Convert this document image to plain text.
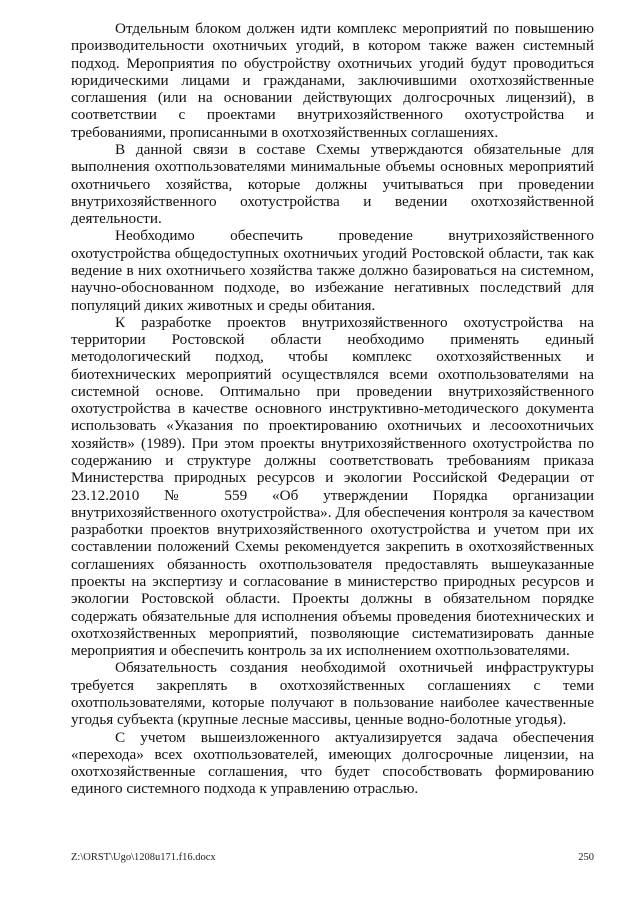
Отдельным блоком должен идти комплекс мероприятий по повышению производительности охотничьих угодий, в котором также важен системный подход. Мероприятия по обустройству охотничьих угодий будут проводиться юридическими лицами и гражданами, заключившими охотхозяйственные соглашения (или на основании действующих долгосрочных лицензий), в соответствии с проектами внутрихозяйственного охотустройства и требованиями, прописанными в охотхозяйственных соглашениях.

В данной связи в составе Схемы утверждаются обязательные для выполнения охотпользователями минимальные объемы основных мероприятий охотничьего хозяйства, которые должны учитываться при проведении внутрихозяйственного охотустройства и ведении охотхозяйственной деятельности.

Необходимо обеспечить проведение внутрихозяйственного охотустройства общедоступных охотничьих угодий Ростовской области, так как ведение в них охотничьего хозяйства также должно базироваться на системном, научно-обоснованном подходе, во избежание негативных последствий для популяций диких животных и среды обитания.

К разработке проектов внутрихозяйственного охотустройства на территории Ростовской области необходимо применять единый методологический подход, чтобы комплекс охотхозяйственных и биотехнических мероприятий осуществлялся всеми охотпользователями на системной основе. Оптимально при проведении внутрихозяйственного охотустройства в качестве основного инструктивно-методического документа использовать «Указания по проектированию охотничьих и лесоохотничьих хозяйств» (1989). При этом проекты внутрихозяйственного охотустройства по содержанию и структуре должны соответствовать требованиям приказа Министерства природных ресурсов и экологии Российской Федерации от 23.12.2010 № 559 «Об утверждении Порядка организации внутрихозяйственного охотустройства». Для обеспечения контроля за качеством разработки проектов внутрихозяйственного охотустройства и учетом при их составлении положений Схемы рекомендуется закрепить в охотхозяйственных соглашениях обязанность охотпользователя предоставлять вышеуказанные проекты на экспертизу и согласование в министерство природных ресурсов и экологии Ростовской области. Проекты должны в обязательном порядке содержать обязательные для исполнения объемы проведения биотехнических и охотхозяйственных мероприятий, позволяющие систематизировать данные мероприятия и обеспечить контроль за их исполнением охотпользователями.

Обязательность создания необходимой охотничьей инфраструктуры требуется закреплять в охотхозяйственных соглашениях с теми охотпользователями, которые получают в пользование наиболее качественные угодья субъекта (крупные лесные массивы, ценные водно-болотные угодья).

С учетом вышеизложенного актуализируется задача обеспечения «перехода» всех охотпользователей, имеющих долгосрочные лицензии, на охотхозяйственные соглашения, что будет способствовать формированию единого системного подхода к управлению отраслью.

Z:\ORST\Ugo\1208u171.f16.docx	250
